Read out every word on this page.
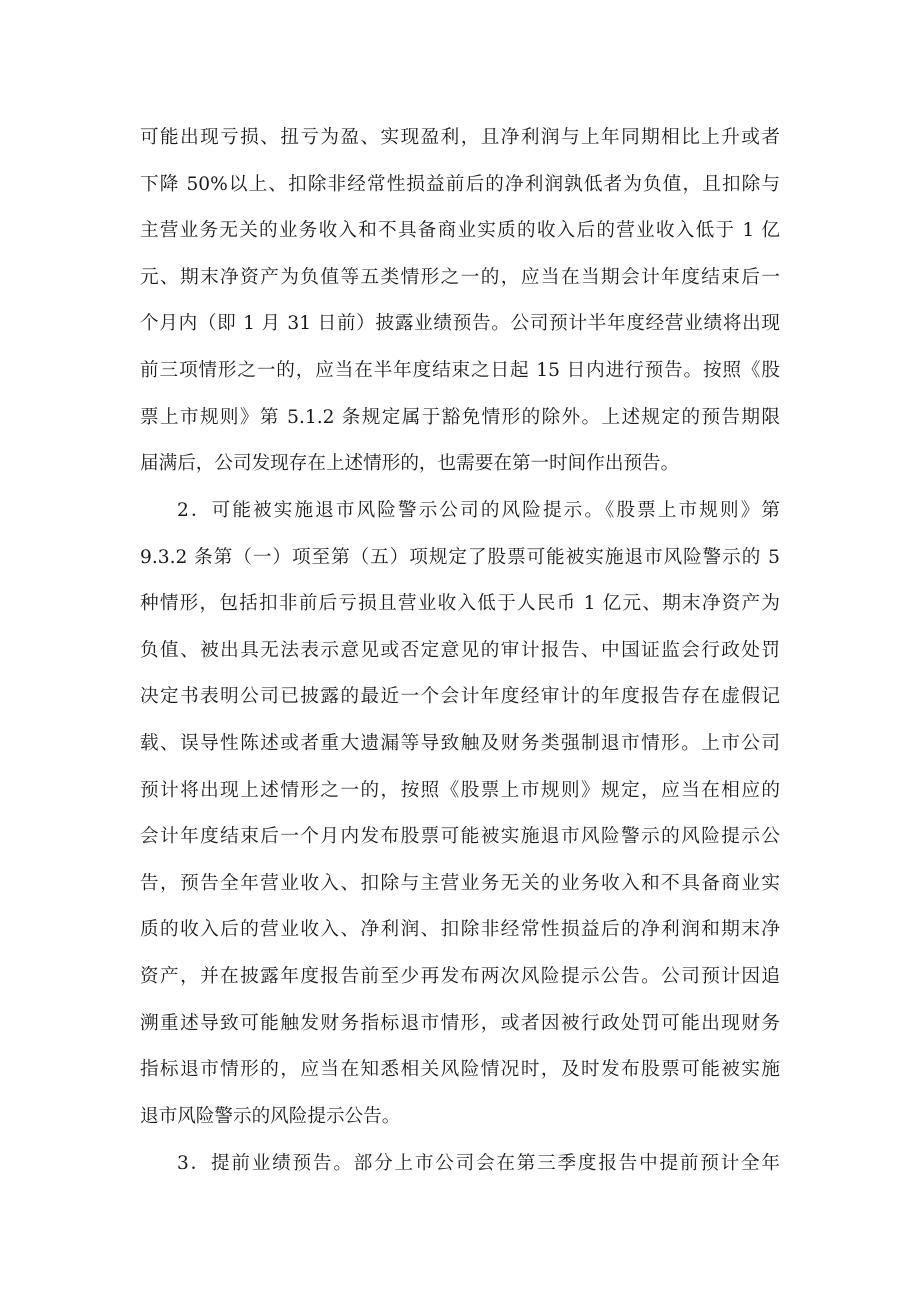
可能出现亏损、扭亏为盈、实现盈利，且净利润与上年同期相比上升或者
下降 50%以上、扣除非经常性损益前后的净利润孰低者为负值，且扣除与
主营业务无关的业务收入和不具备商业实质的收入后的营业收入低于 1 亿
元、期末净资产为负值等五类情形之一的，应当在当期会计年度结束后一
个月内（即 1 月 31 日前）披露业绩预告。公司预计半年度经营业绩将出现
前三项情形之一的，应当在半年度结束之日起 15 日内进行预告。按照《股
票上市规则》第 5.1.2 条规定属于豁免情形的除外。上述规定的预告期限
届满后，公司发现存在上述情形的，也需要在第一时间作出预告。
2．可能被实施退市风险警示公司的风险提示。《股票上市规则》第
9.3.2 条第（一）项至第（五）项规定了股票可能被实施退市风险警示的 5
种情形，包括扣非前后亏损且营业收入低于人民币 1 亿元、期末净资产为
负值、被出具无法表示意见或否定意见的审计报告、中国证监会行政处罚
决定书表明公司已披露的最近一个会计年度经审计的年度报告存在虚假记
载、误导性陈述或者重大遗漏等导致触及财务类强制退市情形。上市公司
预计将出现上述情形之一的，按照《股票上市规则》规定，应当在相应的
会计年度结束后一个月内发布股票可能被实施退市风险警示的风险提示公
告，预告全年营业收入、扣除与主营业务无关的业务收入和不具备商业实
质的收入后的营业收入、净利润、扣除非经常性损益后的净利润和期末净
资产，并在披露年度报告前至少再发布两次风险提示公告。公司预计因追
溯重述导致可能触发财务指标退市情形，或者因被行政处罚可能出现财务
指标退市情形的，应当在知悉相关风险情况时，及时发布股票可能被实施
退市风险警示的风险提示公告。
3．提前业绩预告。部分上市公司会在第三季度报告中提前预计全年
